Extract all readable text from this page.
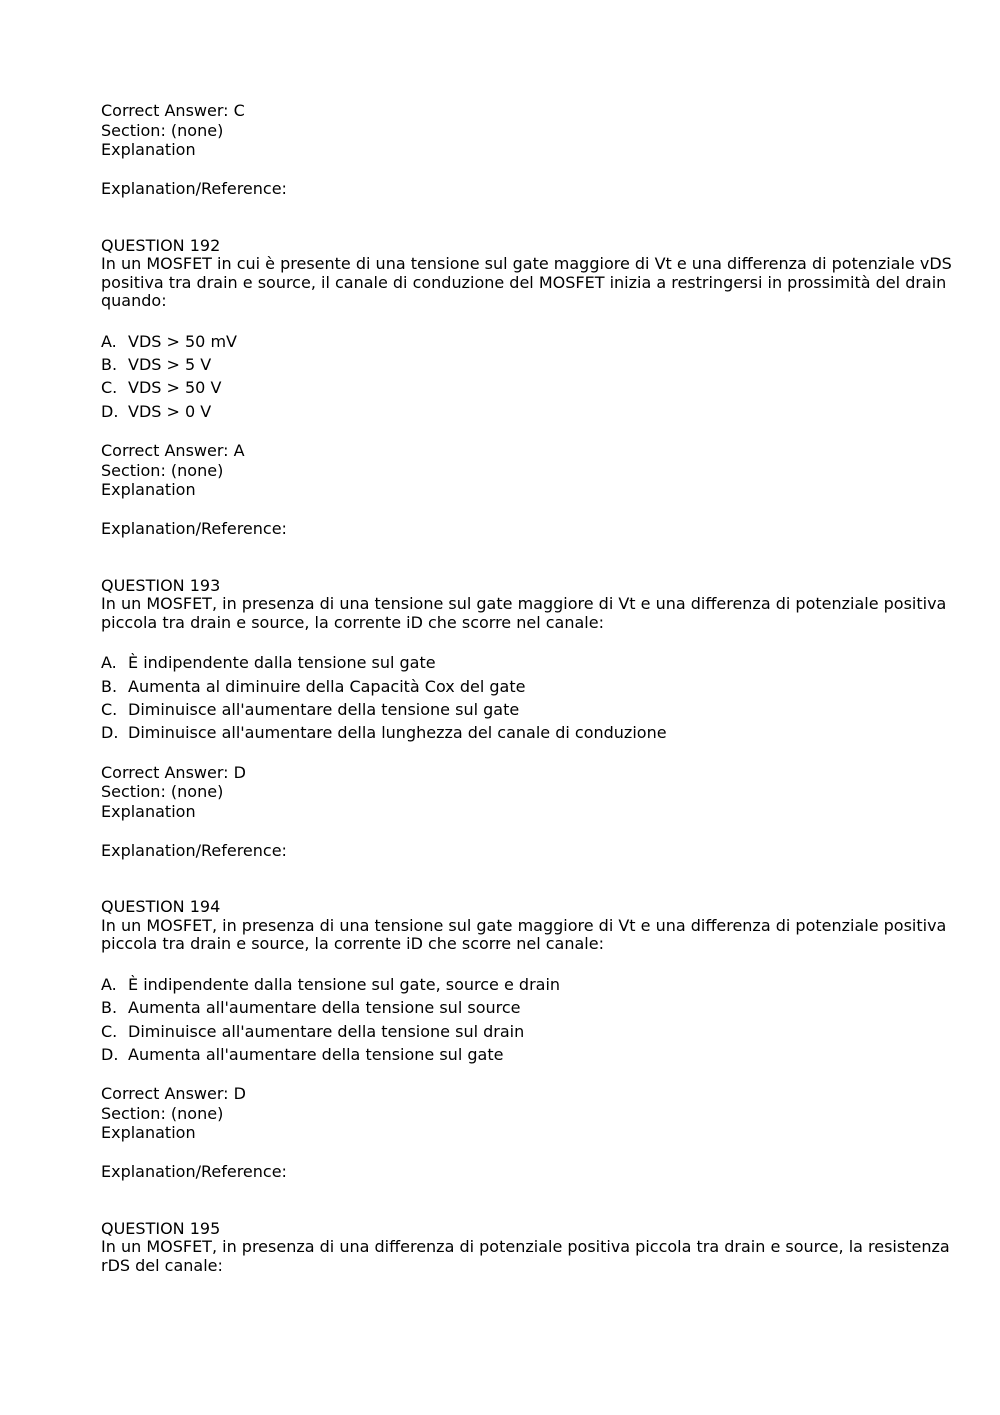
Correct Answer: C
Section: (none)
Explanation
Explanation/Reference:
QUESTION 192
In un MOSFET in cui è presente di una tensione sul gate maggiore di Vt e una differenza di potenziale vDS
positiva tra drain e source, il canale di conduzione del MOSFET inizia a restringersi in prossimità del drain
quando:
A. VDS > 50 mV
B. VDS > 5 V
C. VDS > 50 V
D. VDS > 0 V
Correct Answer: A
Section: (none)
Explanation
Explanation/Reference:
QUESTION 193
In un MOSFET, in presenza di una tensione sul gate maggiore di Vt e una differenza di potenziale positiva
piccola tra drain e source, la corrente iD che scorre nel canale:
A. È indipendente dalla tensione sul gate
B. Aumenta al diminuire della Capacità Cox del gate
C. Diminuisce all'aumentare della tensione sul gate
D. Diminuisce all'aumentare della lunghezza del canale di conduzione
Correct Answer: D
Section: (none)
Explanation
Explanation/Reference:
QUESTION 194
In un MOSFET, in presenza di una tensione sul gate maggiore di Vt e una differenza di potenziale positiva
piccola tra drain e source, la corrente iD che scorre nel canale:
A. È indipendente dalla tensione sul gate, source e drain
B. Aumenta all'aumentare della tensione sul source
C. Diminuisce all'aumentare della tensione sul drain
D. Aumenta all'aumentare della tensione sul gate
Correct Answer: D
Section: (none)
Explanation
Explanation/Reference:
QUESTION 195
In un MOSFET, in presenza di una differenza di potenziale positiva piccola tra drain e source, la resistenza
rDS del canale:
